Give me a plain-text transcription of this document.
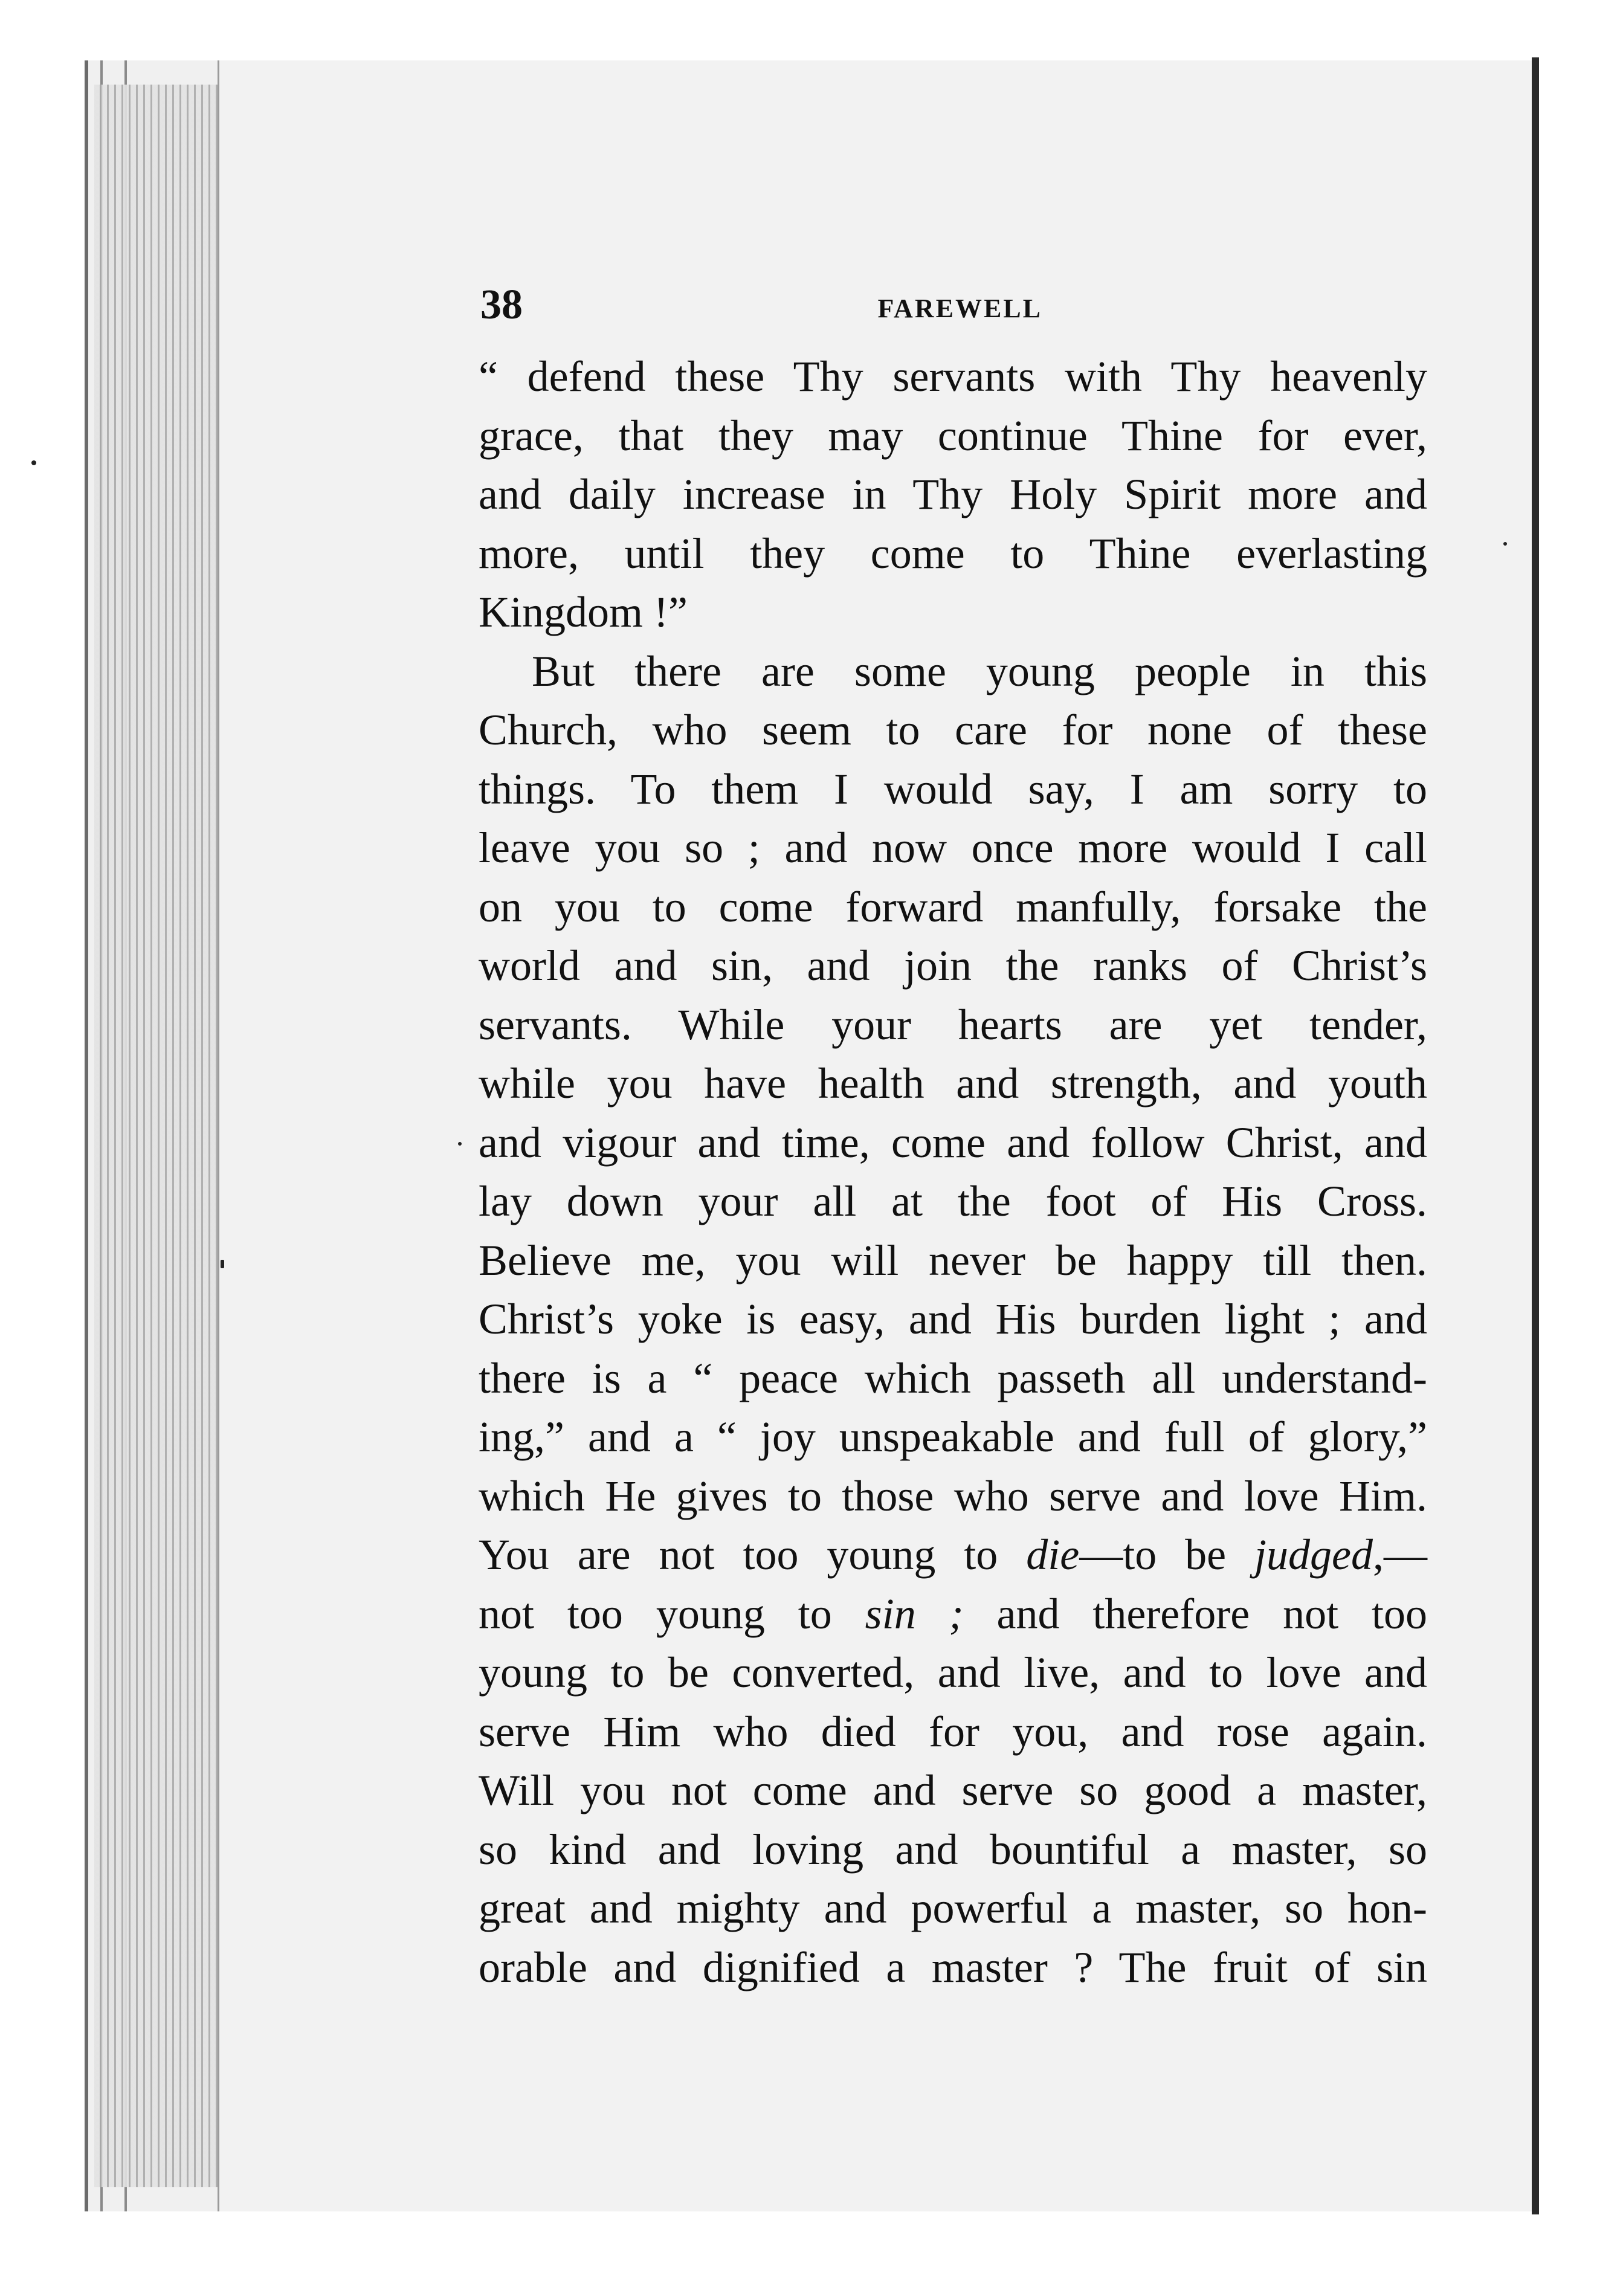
38	FAREWELL
“ defend these Thy servants with Thy heavenly
grace, that they may continue Thine for ever,
and daily increase in Thy Holy Spirit more and
more, until they come to Thine everlasting
Kingdom !”
But there are some young people in this
Church, who seem to care for none of these
things. To them I would say, I am sorry to
leave you so ; and now once more would I call
on you to come forward manfully, forsake the
world and sin, and join the ranks of Christ’s
servants. While your hearts are yet tender,
while you have health and strength, and youth
and vigour and time, come and follow Christ, and
lay down your all at the foot of His Cross.
Believe me, you will never be happy till then.
Christ’s yoke is easy, and His burden light ; and
there is a “ peace which passeth all understand-
ing,” and a “ joy unspeakable and full of glory,”
which He gives to those who serve and love Him.
You are not too young to die—to be judged,—
not too young to sin ; and therefore not too
young to be converted, and live, and to love and
serve Him who died for you, and rose again.
Will you not come and serve so good a master,
so kind and loving and bountiful a master, so
great and mighty and powerful a master, so hon-
orable and dignified a master ? The fruit of sin
